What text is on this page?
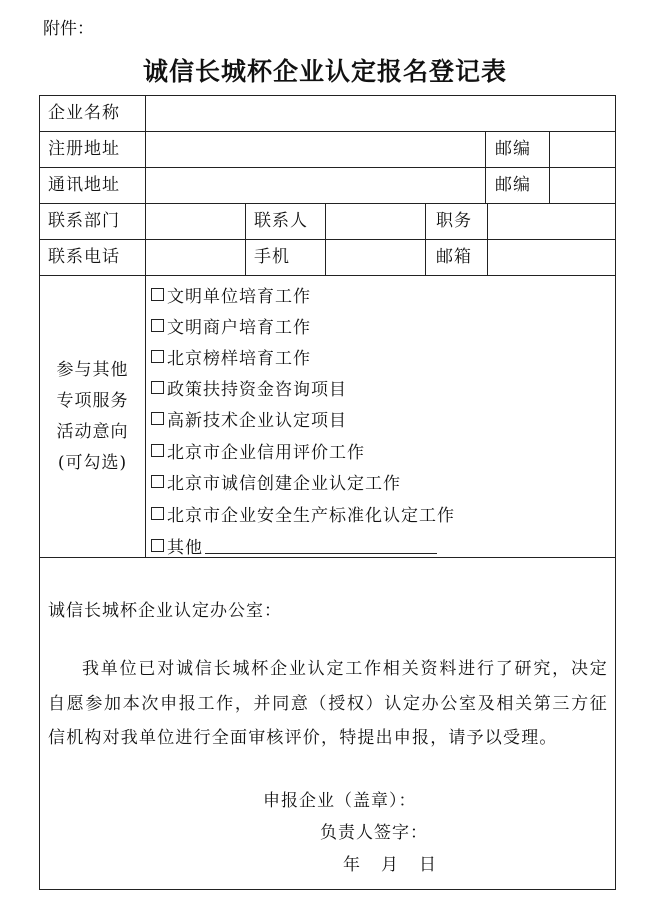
附件：
诚信长城杯企业认定报名登记表
企业名称
注册地址	邮编
通讯地址	邮编
联系部门	联系人	职务
联系电话	手机	邮箱
参与其他
专项服务
活动意向
(可勾选)
文明单位培育工作
文明商户培育工作
北京榜样培育工作
政策扶持资金咨询项目
高新技术企业认定项目
北京市企业信用评价工作
北京市诚信创建企业认定工作
北京市企业安全生产标准化认定工作
其他
诚信长城杯企业认定办公室：
我单位已对诚信长城杯企业认定工作相关资料进行了研究，决定自愿参加本次申报工作，并同意（授权）认定办公室及相关第三方征信机构对我单位进行全面审核评价，特提出申报，请予以受理。
申报企业（盖章）：
负责人签字：
年　月　日
